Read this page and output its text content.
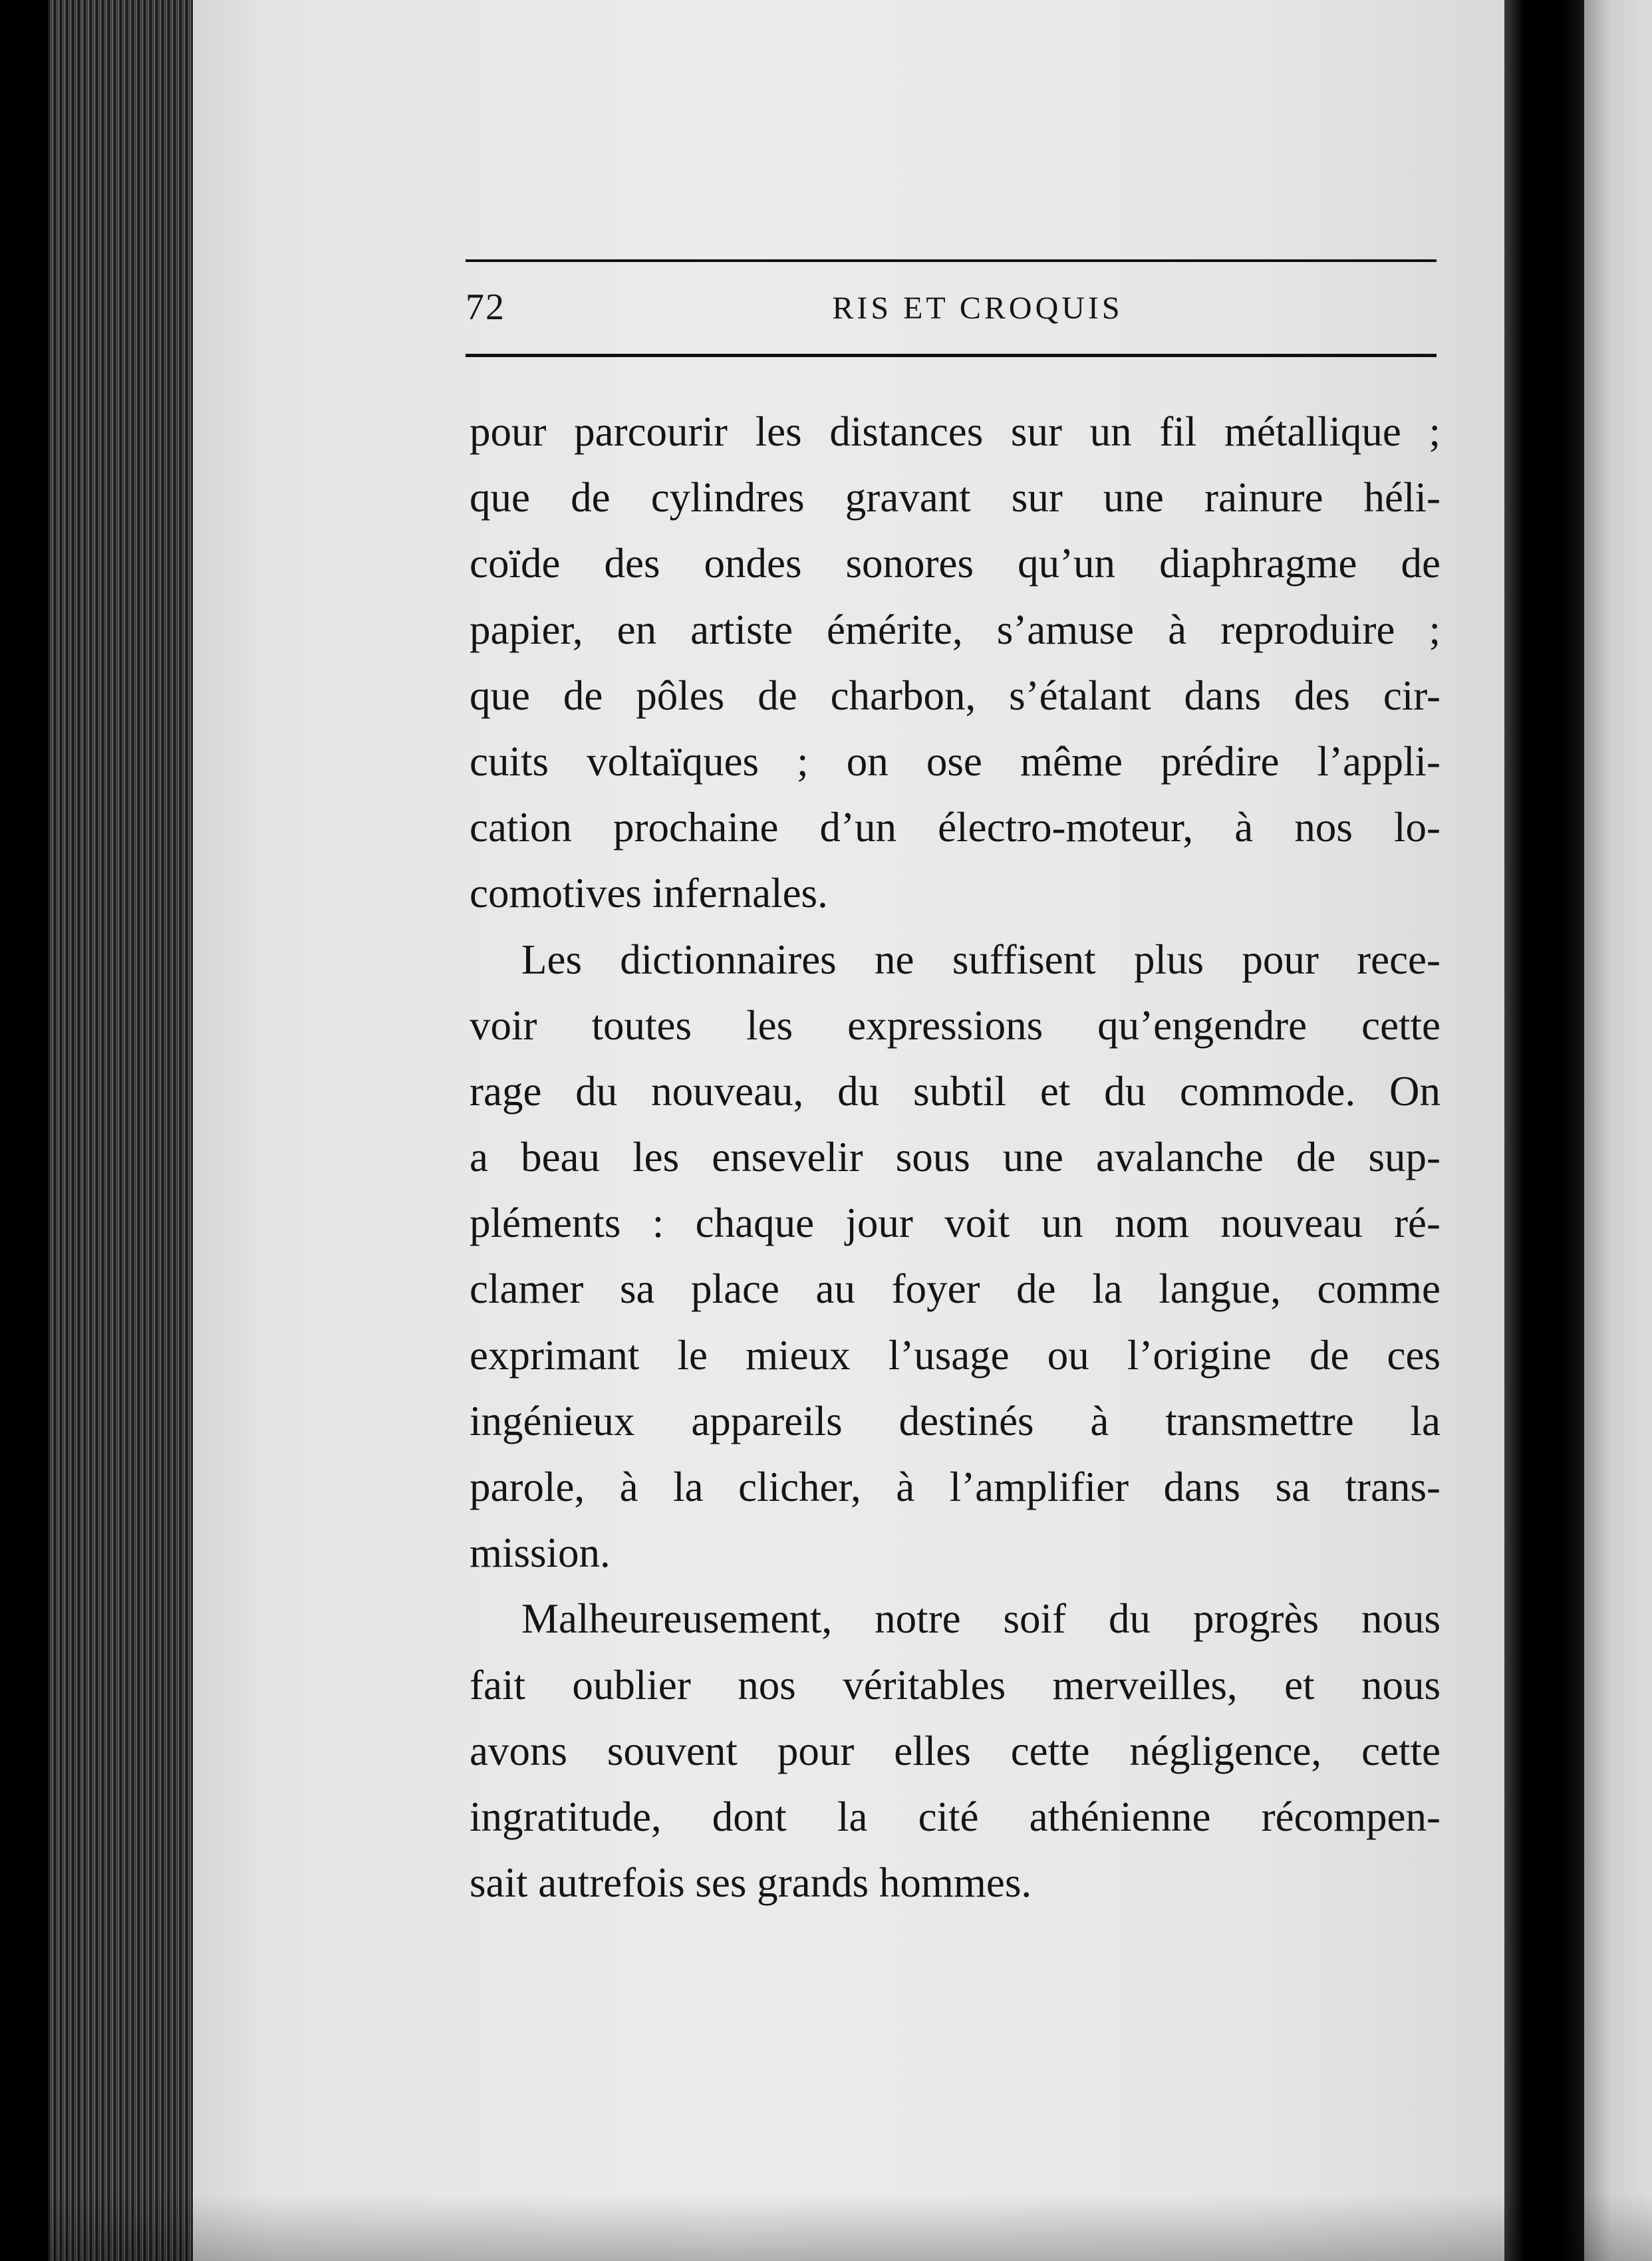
72	RIS ET CROQUIS
pour parcourir les distances sur un fil métallique ;
que de cylindres gravant sur une rainure héli-
coïde des ondes sonores qu’un diaphragme de
papier, en artiste émérite, s’amuse à reproduire ;
que de pôles de charbon, s’étalant dans des cir-
cuits voltaïques ; on ose même prédire l’appli-
cation prochaine d’un électro-moteur, à nos lo-
comotives infernales.
Les dictionnaires ne suffisent plus pour rece-
voir toutes les expressions qu’engendre cette
rage du nouveau, du subtil et du commode. On
a beau les ensevelir sous une avalanche de sup-
pléments : chaque jour voit un nom nouveau ré-
clamer sa place au foyer de la langue, comme
exprimant le mieux l’usage ou l’origine de ces
ingénieux appareils destinés à transmettre la
parole, à la clicher, à l’amplifier dans sa trans-
mission.
Malheureusement, notre soif du progrès nous
fait oublier nos véritables merveilles, et nous
avons souvent pour elles cette négligence, cette
ingratitude, dont la cité athénienne récompen-
sait autrefois ses grands hommes.
